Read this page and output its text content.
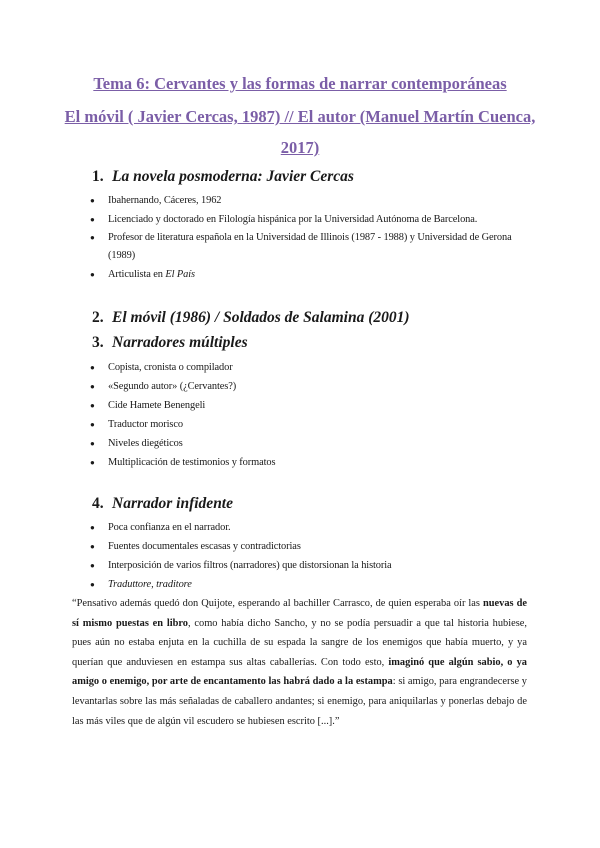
Tema 6: Cervantes y las formas de narrar contemporáneas
El móvil ( Javier Cercas, 1987) // El autor (Manuel Martín Cuenca,
2017)
1. La novela posmoderna: Javier Cercas
● Ibahernando, Cáceres, 1962
● Licenciado y doctorado en Filología hispánica por la Universidad Autónoma de Barcelona.
● Profesor de literatura española en la Universidad de Illinois (1987 - 1988) y Universidad de Gerona (1989)
● Articulista en El País
2. El móvil (1986) / Soldados de Salamina (2001)
3. Narradores múltiples
● Copista, cronista o compilador
● «Segundo autor» (¿Cervantes?)
● Cide Hamete Benengeli
● Traductor morisco
● Niveles diegéticos
● Multiplicación de testimonios y formatos
4. Narrador infidente
● Poca confianza en el narrador.
● Fuentes documentales escasas y contradictorias
● Interposición de varios filtros (narradores) que distorsionan la historia
● Traduttore, traditore
“Pensativo además quedó don Quijote, esperando al bachiller Carrasco, de quien esperaba oír las nuevas de sí mismo puestas en libro, como había dicho Sancho, y no se podía persuadir a que tal historia hubiese, pues aún no estaba enjuta en la cuchilla de su espada la sangre de los enemigos que había muerto, y ya querían que anduviesen en estampa sus altas caballerías. Con todo esto, imaginó que algún sabio, o ya amigo o enemigo, por arte de encantamento las habrá dado a la estampa: si amigo, para engrandecerse y levantarlas sobre las más señaladas de caballero andantes; si enemigo, para aniquilarlas y ponerlas debajo de las más viles que de algún vil escudero se hubiesen escrito [...].”
